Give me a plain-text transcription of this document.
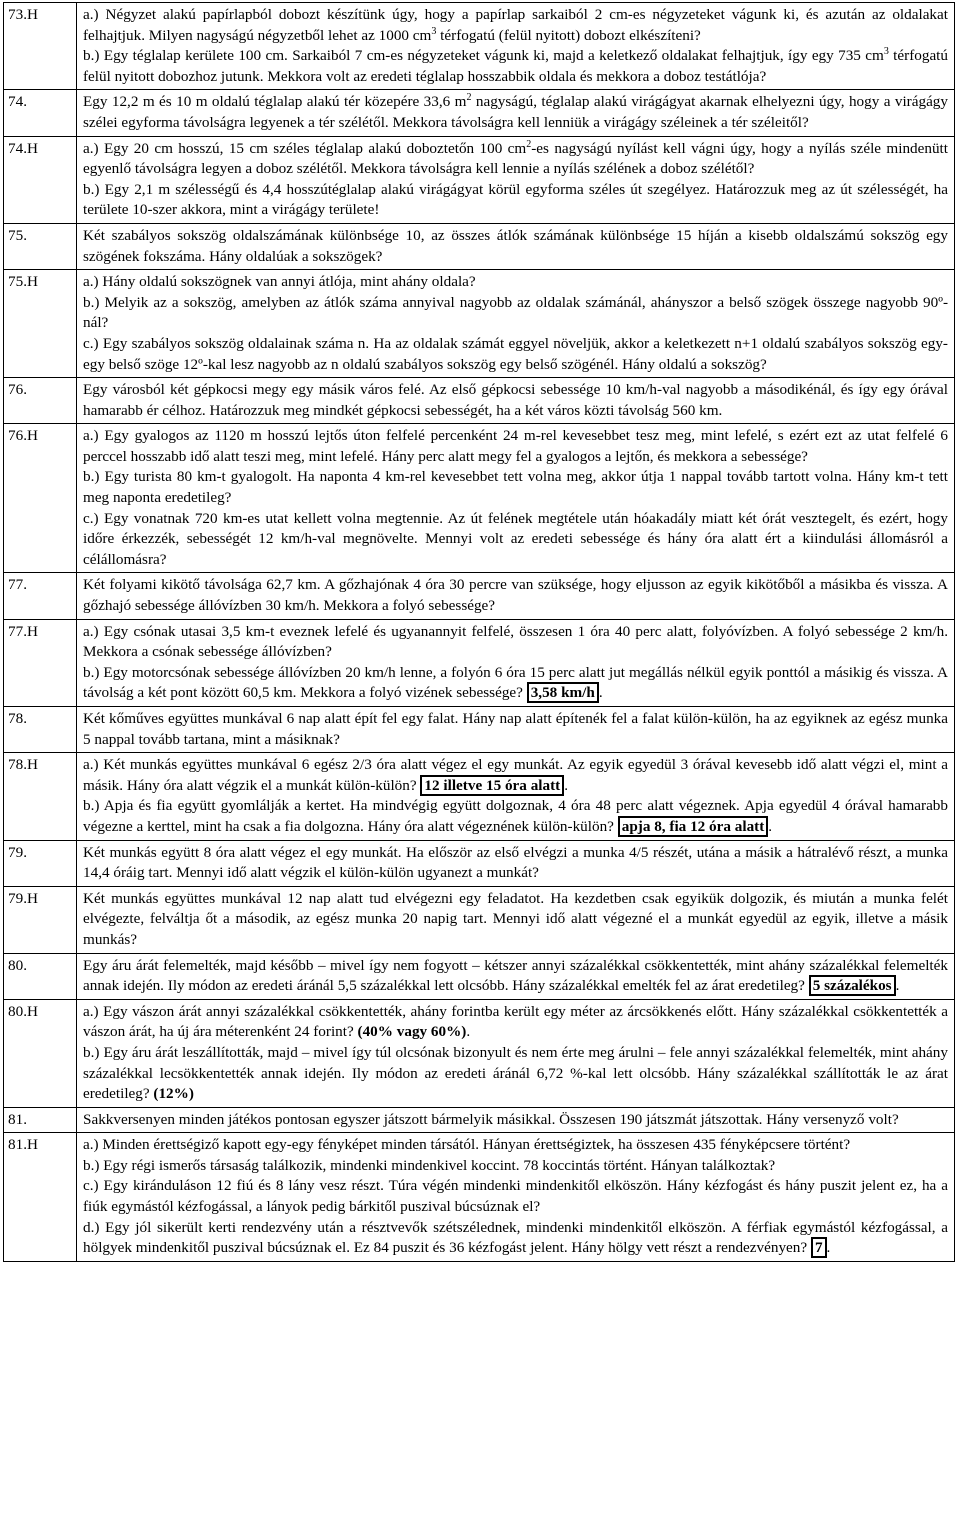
73.H	a.) Négyzet alakú papírlapból dobozt készítünk úgy, hogy a papírlap sarkaiból 2 cm-es négyzeteket vágunk ki, és azután az oldalakat felhajtjuk. Milyen nagyságú négyzetből lehet az 1000 $cm^3$ térfogatú (felül nyitott) dobozt elkészíteni?
b.) Egy téglalap kerülete 100 cm. Sarkaiból 7 cm-es négyzeteket vágunk ki, majd a keletkező oldalakat felhajtjuk, így egy 735 $cm^3$ térfogatú felül nyitott dobozhoz jutunk. Mekkora volt az eredeti téglalap hosszabbik oldala és mekkora a doboz testátlója?

74.	Egy 12,2 m és 10 m oldalú téglalap alakú tér közepére 33,6 $m^2$ nagyságú, téglalap alakú virágágyat akarnak elhelyezni úgy, hogy a virágágy szélei egyforma távolságra legyenek a tér szélétől. Mekkora távolságra kell lenniük a virágágy széleinek a tér széleitől?

74.H	a.) Egy 20 cm hosszú, 15 cm széles téglalap alakú doboztetőn 100 $cm^2-es$ nagyságú nyílást kell vágni úgy, hogy a nyílás széle mindenütt egyenlő távolságra legyen a doboz szélétől. Mekkora távolságra kell lennie a nyílás szélének a doboz szélétől?
b.) Egy 2,1 m szélességű és 4,4 hosszútéglalap alakú virágágyat körül egyforma széles út szegélyez. Határozzuk meg az út szélességét, ha területe 10-szer akkora, mint a virágágy területe!

75.	Két szabályos sokszög oldalszámának különbsége 10, az összes átlók számának különbsége 15 híján a kisebb oldalszámú sokszög egy szögének fokszáma. Hány oldalúak a sokszögek?

75.H	a.) Hány oldalú sokszögnek van annyi átlója, mint ahány oldala?
b.) Melyik az a sokszög, amelyben az átlók száma annyival nagyobb az oldalak számánál, ahányszor a belső szögek összege nagyobb 90º-nál?
c.) Egy szabályos sokszög oldalainak száma n. Ha az oldalak számát eggyel növeljük, akkor a keletkezett n+1 oldalú szabályos sokszög egy-egy belső szöge 12º-kal lesz nagyobb az n oldalú szabályos sokszög egy belső szögénél. Hány oldalú a sokszög?

76.	Egy városból két gépkocsi megy egy másik város felé. Az első gépkocsi sebessége 10 km/h-val nagyobb a másodikénál, és így egy órával hamarabb ér célhoz. Határozzuk meg mindkét gépkocsi sebességét, ha a két város közti távolság 560 km.

76.H	a.) Egy gyalogos az 1120 m hosszú lejtős úton felfelé percenként 24 m-rel kevesebbet tesz meg, mint lefelé, s ezért ezt az utat felfelé 6 perccel hosszabb idő alatt teszi meg, mint lefelé. Hány perc alatt megy fel a gyalogos a lejtőn, és mekkora a sebessége?
b.) Egy turista 80 km-t gyalogolt. Ha naponta 4 km-rel kevesebbet tett volna meg, akkor útja 1 nappal tovább tartott volna. Hány km-t tett meg naponta eredetileg?
c.) Egy vonatnak 720 km-es utat kellett volna megtennie. Az út felének megtétele után hóakadály miatt két órát vesztegelt, és ezért, hogy időre érkezzék, sebességét 12 km/h-val megnövelte. Mennyi volt az eredeti sebessége és hány óra alatt ért a kiindulási állomásról a célállomásra?

77.	Két folyami kikötő távolsága 62,7 km. A gőzhajónak 4 óra 30 percre van szüksége, hogy eljusson az egyik kikötőből a másikba és vissza. A gőzhajó sebessége állóvízben 30 km/h. Mekkora a folyó sebessége?

77.H	a.) Egy csónak utasai 3,5 km-t eveznek lefelé és ugyanannyit felfelé, összesen 1 óra 40 perc alatt, folyóvízben. A folyó sebessége 2 km/h. Mekkora a csónak sebessége állóvízben?
b.) Egy motorcsónak sebessége állóvízben 20 km/h lenne, a folyón 6 óra 15 perc alatt jut megállás nélkül egyik ponttól a másikig és vissza. A távolság a két pont között 60,5 km. Mekkora a folyó vizének sebessége? 3,58 km/h .

78.	Két kőműves együttes munkával 6 nap alatt épít fel egy falat. Hány nap alatt építenék fel a falat külön-külön, ha az egyiknek az egész munka 5 nappal tovább tartana, mint a másiknak?

78.H	a.) Két munkás együttes munkával 6 egész 2/3 óra alatt végez el egy munkát. Az egyik egyedül 3 órával kevesebb idő alatt végzi el, mint a másik. Hány óra alatt végzik el a munkát külön-külön? 12 illetve 15 óra alatt .
b.) Apja és fia együtt gyomlálják a kertet. Ha mindvégig együtt dolgoznak, 4 óra 48 perc alatt végeznek. Apja egyedül 4 órával hamarabb végezne a kerttel, mint ha csak a fia dolgozna. Hány óra alatt végeznének külön-külön? apja 8, fia 12 óra alatt .

79.	Két munkás együtt 8 óra alatt végez el egy munkát. Ha először az első elvégzi a munka 4/5 részét, utána a másik a hátralévő részt, a munka 14,4 óráig tart. Mennyi idő alatt végzik el külön-külön ugyanezt a munkát?

79.H	Két munkás együttes munkával 12 nap alatt tud elvégezni egy feladatot. Ha kezdetben csak egyikük dolgozik, és miután a munka felét elvégezte, felváltja őt a második, az egész munka 20 napig tart. Mennyi idő alatt végezné el a munkát egyedül az egyik, illetve a másik munkás?

80.	Egy áru árát felemelték, majd később – mivel így nem fogyott – kétszer annyi százalékkal csökkentették, mint ahány százalékkal felemelték annak idején. Ily módon az eredeti áránál 5,5 százalékkal lett olcsóbb. Hány százalékkal emelték fel az árat eredetileg? 5 százalékos .

80.H	a.) Egy vászon árát annyi százalékkal csökkentették, ahány forintba került egy méter az árcsökkenés előtt. Hány százalékkal csökkentették a vászon árát, ha új ára méterenként 24 forint? (40% vagy 60%).
b.) Egy áru árát leszállították, majd – mivel így túl olcsónak bizonyult és nem érte meg árulni – fele annyi százalékkal felemelték, mint ahány százalékkal lecsökkentették annak idején. Ily módon az eredeti áránál 6,72 %-kal lett olcsóbb. Hány százalékkal szállították le az árat eredetileg? (12%)

81.	Sakkversenyen minden játékos pontosan egyszer játszott bármelyik másikkal. Összesen 190 játszmát játszottak. Hány versenyző volt?

81.H	a.) Minden érettségiző kapott egy-egy fényképet minden társától. Hányan érettségiztek, ha összesen 435 fényképcsere történt?
b.) Egy régi ismerős társaság találkozik, mindenki mindenkivel koccint. 78 koccintás történt. Hányan találkoztak?
c.) Egy kiránduláson 12 fiú és 8 lány vesz részt. Túra végén mindenki mindenkitől elköszön. Hány kézfogást és hány puszit jelent ez, ha a fiúk egymástól kézfogással, a lányok pedig bárkitől puszival búcsúznak el?
d.) Egy jól sikerült kerti rendezvény után a résztvevők szétszélednek, mindenki mindenkitől elköszön. A férfiak egymástól kézfogással, a hölgyek mindenkitől puszival búcsúznak el. Ez 84 puszit és 36 kézfogást jelent. Hány hölgy vett részt a rendezvényen? 7 .
